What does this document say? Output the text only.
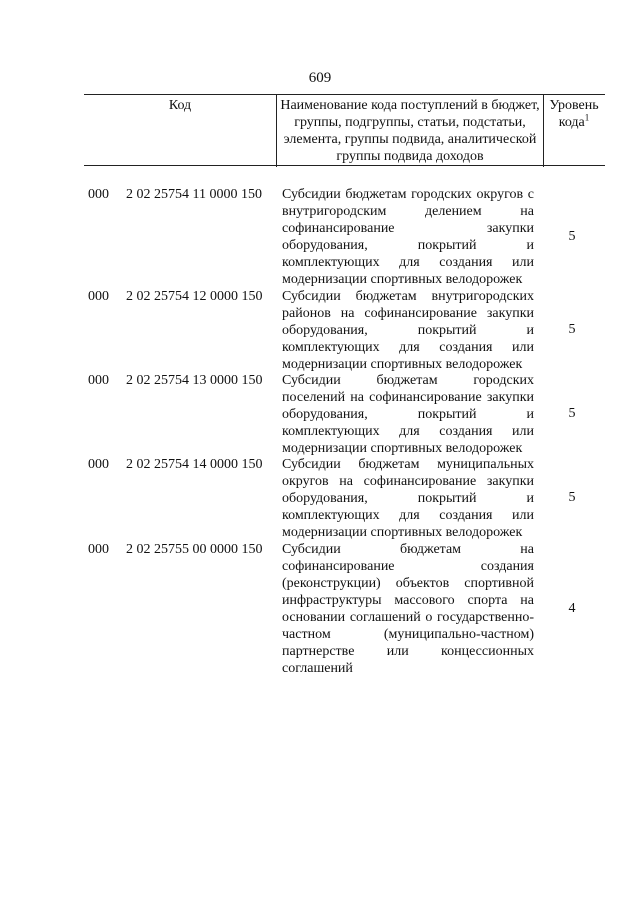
609
Код	Наименование кода поступлений в бюджет, группы, подгруппы, статьи, подстатьи, элемента, группы подвида, аналитической группы подвида доходов
Уровень кода$^1$
000 2 02 25754 11 0000 150 Субсидии бюджетам городских округов с внутригородским делением на софинансирование закупки оборудования, покрытий и комплектующих для создания или модернизации спортивных велодорожек
5
000 2 02 25754 12 0000 150 Субсидии бюджетам внутригородских районов на софинансирование закупки оборудования, покрытий и комплектующих для создания или модернизации спортивных велодорожек
5
000 2 02 25754 13 0000 150 Субсидии бюджетам городских поселений на софинансирование закупки оборудования, покрытий и комплектующих для создания или модернизации спортивных велодорожек
5
000 2 02 25754 14 0000 150 Субсидии бюджетам муниципальных округов на софинансирование закупки оборудования, покрытий и комплектующих для создания или модернизации спортивных велодорожек
5
000 2 02 25755 00 0000 150 Субсидии бюджетам на софинансирование создания (реконструкции) объектов спортивной инфраструктуры массового спорта на основании соглашений о государственно-частном (муниципально-частном) партнерстве или концессионных соглашений
4
